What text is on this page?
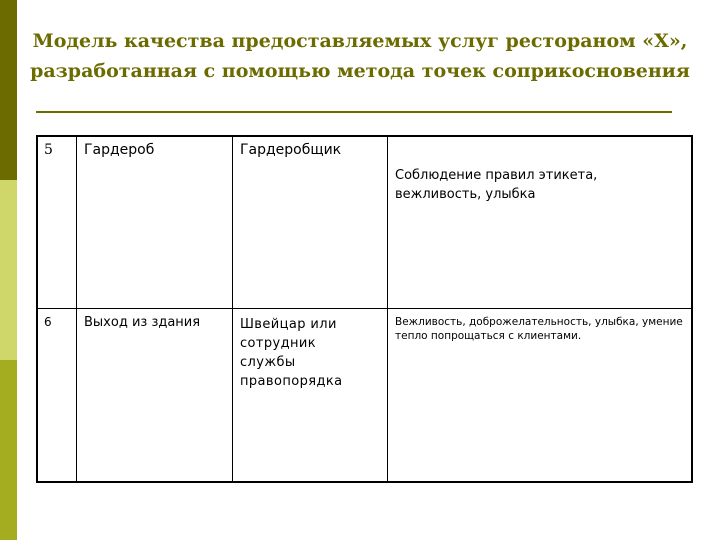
Модель качества предоставляемых услуг рестораном «Х»,
разработанная с помощью метода точек соприкосновения
5 Гардероб	Гардеробщик
Соблюдение правил этикета, вежливость, улыбка
6 Выход из здания	Швейцар или сотрудник службы правопорядка
Вежливость, доброжелательность, улыбка, умение тепло попрощаться с клиентами.
